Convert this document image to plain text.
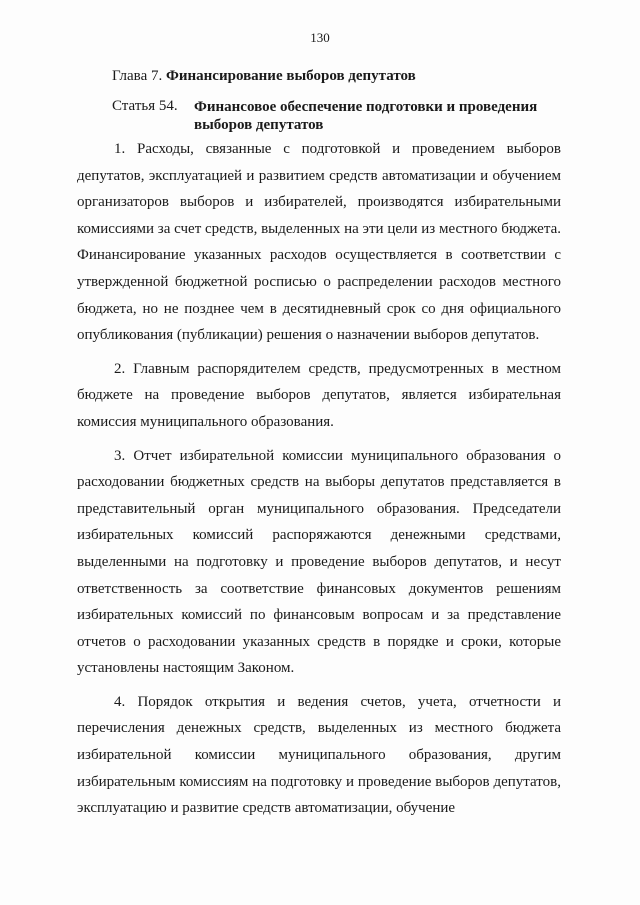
130
Глава 7. Финансирование выборов депутатов
Статья 54. Финансовое обеспечение подготовки и проведения выборов депутатов

1. Расходы, связанные с подготовкой и проведением выборов депутатов, эксплуатацией и развитием средств автоматизации и обучением организаторов выборов и избирателей, производятся избирательными комиссиями за счет средств, выделенных на эти цели из местного бюджета. Финансирование указанных расходов осуществляется в соответствии с утвержденной бюджетной росписью о распределении расходов местного бюджета, но не позднее чем в десятидневный срок со дня официального опубликования (публикации) решения о назначении выборов депутатов.

2. Главным распорядителем средств, предусмотренных в местном бюджете на проведение выборов депутатов, является избирательная комиссия муниципального образования.

3. Отчет избирательной комиссии муниципального образования о расходовании бюджетных средств на выборы депутатов представляется в представительный орган муниципального образования. Председатели избирательных комиссий распоряжаются денежными средствами, выделенными на подготовку и проведение выборов депутатов, и несут ответственность за соответствие финансовых документов решениям избирательных комиссий по финансовым вопросам и за представление отчетов о расходовании указанных средств в порядке и сроки, которые установлены настоящим Законом.

4. Порядок открытия и ведения счетов, учета, отчетности и перечисления денежных средств, выделенных из местного бюджета избирательной комиссии муниципального образования, другим избирательным комиссиям на подготовку и проведение выборов депутатов, эксплуатацию и развитие средств автоматизации, обучение
